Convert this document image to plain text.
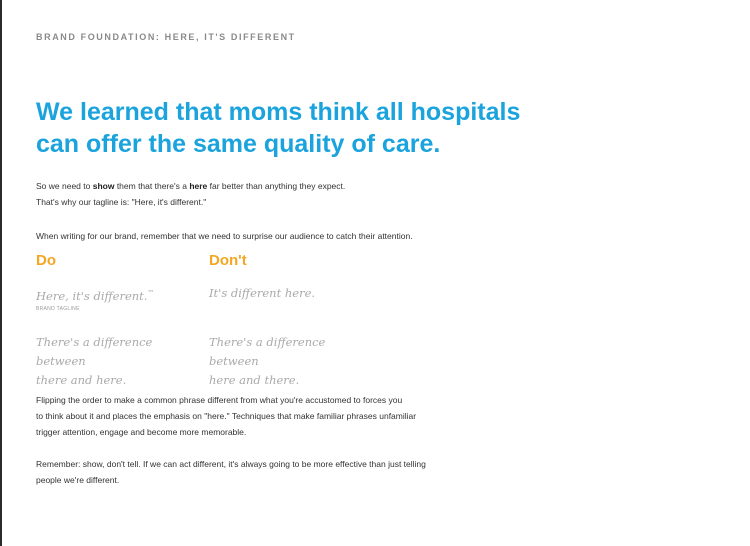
BRAND FOUNDATION: HERE, IT'S DIFFERENT
We learned that moms think all hospitals
can offer the same quality of care.
So we need to show them that there's a here far better than anything they expect.
That's why our tagline is: "Here, it's different."
When writing for our brand, remember that we need to surprise our audience to catch their attention.
Do	Don't
Here, it's different.™
BRAND TAGLINE
It's different here.
There's a difference between
there and here.
There's a difference between
here and there.
Flipping the order to make a common phrase different from what you're accustomed to forces you
to think about it and places the emphasis on "here." Techniques that make familiar phrases unfamiliar
trigger attention, engage and become more memorable.
Remember: show, don't tell. If we can act different, it's always going to be more effective than just telling
people we're different.
